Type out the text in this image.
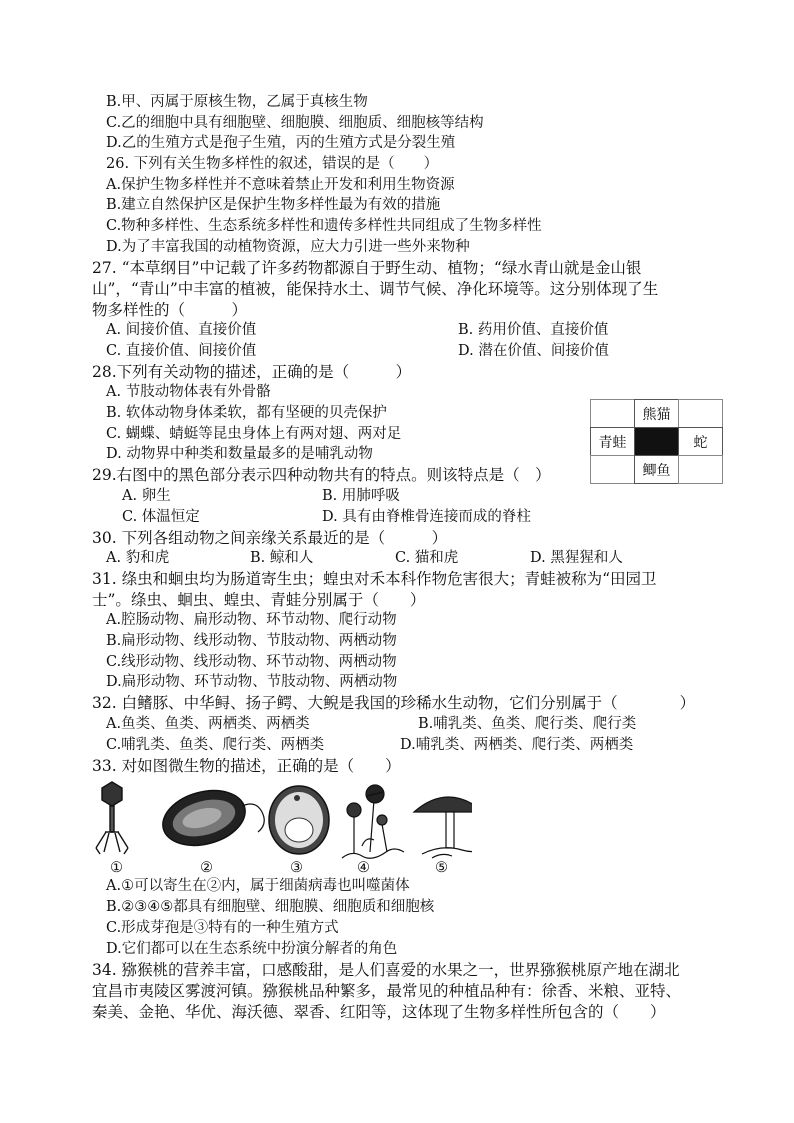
B.甲、丙属于原核生物，乙属于真核生物
C.乙的细胞中具有细胞壁、细胞膜、细胞质、细胞核等结构
D.乙的生殖方式是孢子生殖，丙的生殖方式是分裂生殖
26. 下列有关生物多样性的叙述，错误的是（　　）
A.保护生物多样性并不意味着禁止开发和利用生物资源
B.建立自然保护区是保护生物多样性最为有效的措施
C.物种多样性、生态系统多样性和遗传多样性共同组成了生物多样性
D.为了丰富我国的动植物资源，应大力引进一些外来物种
27. “本草纲目”中记载了许多药物都源自于野生动、植物；“绿水青山就是金山银
山”，“青山”中丰富的植被，能保持水土、调节气候、净化环境等。这分别体现了生
物多样性的（　　　）
A. 间接价值、直接价值	B. 药用价值、直接价值
C. 直接价值、间接价值	D. 潜在价值、间接价值
28.下列有关动物的描述，正确的是（　　　）
A. 节肢动物体表有外骨骼
B. 软体动物身体柔软，都有坚硬的贝壳保护
C. 蝴蝶、蜻蜓等昆虫身体上有两对翅、两对足
D. 动物界中种类和数量最多的是哺乳动物
熊猫
青蛙	蛇
鲫鱼
29.右图中的黑色部分表示四种动物共有的特点。则该特点是（　）
A. 卵生	B. 用肺呼吸
C. 体温恒定	D. 具有由脊椎骨连接而成的脊柱
30. 下列各组动物之间亲缘关系最近的是（　　　）
A. 豹和虎	B. 鲸和人	C. 猫和虎	D. 黑猩猩和人
31. 绦虫和蛔虫均为肠道寄生虫；蝗虫对禾本科作物危害很大；青蛙被称为“田园卫
士”。绦虫、蛔虫、蝗虫、青蛙分别属于（　　）
A.腔肠动物、扁形动物、环节动物、爬行动物
B.扁形动物、线形动物、节肢动物、两栖动物
C.线形动物、线形动物、环节动物、两栖动物
D.扁形动物、环节动物、节肢动物、两栖动物
32. 白鳍豚、中华鲟、扬子鳄、大鲵是我国的珍稀水生动物，它们分别属于（　　　　）
A.鱼类、鱼类、两栖类、两栖类	B.哺乳类、鱼类、爬行类、爬行类
C.哺乳类、鱼类、爬行类、两栖类	D.哺乳类、两栖类、爬行类、两栖类
33. 对如图微生物的描述，正确的是（　　）
①	②	③	④	⑤
A.①可以寄生在②内，属于细菌病毒也叫噬菌体
B.②③④⑤都具有细胞壁、细胞膜、细胞质和细胞核
C.形成芽孢是③特有的一种生殖方式
D.它们都可以在生态系统中扮演分解者的角色
34. 猕猴桃的营养丰富，口感酸甜，是人们喜爱的水果之一，世界猕猴桃原产地在湖北
宜昌市夷陵区雾渡河镇。猕猴桃品种繁多，最常见的种植品种有：徐香、米粮、亚特、
秦美、金艳、华优、海沃德、翠香、红阳等，这体现了生物多样性所包含的（　　）
